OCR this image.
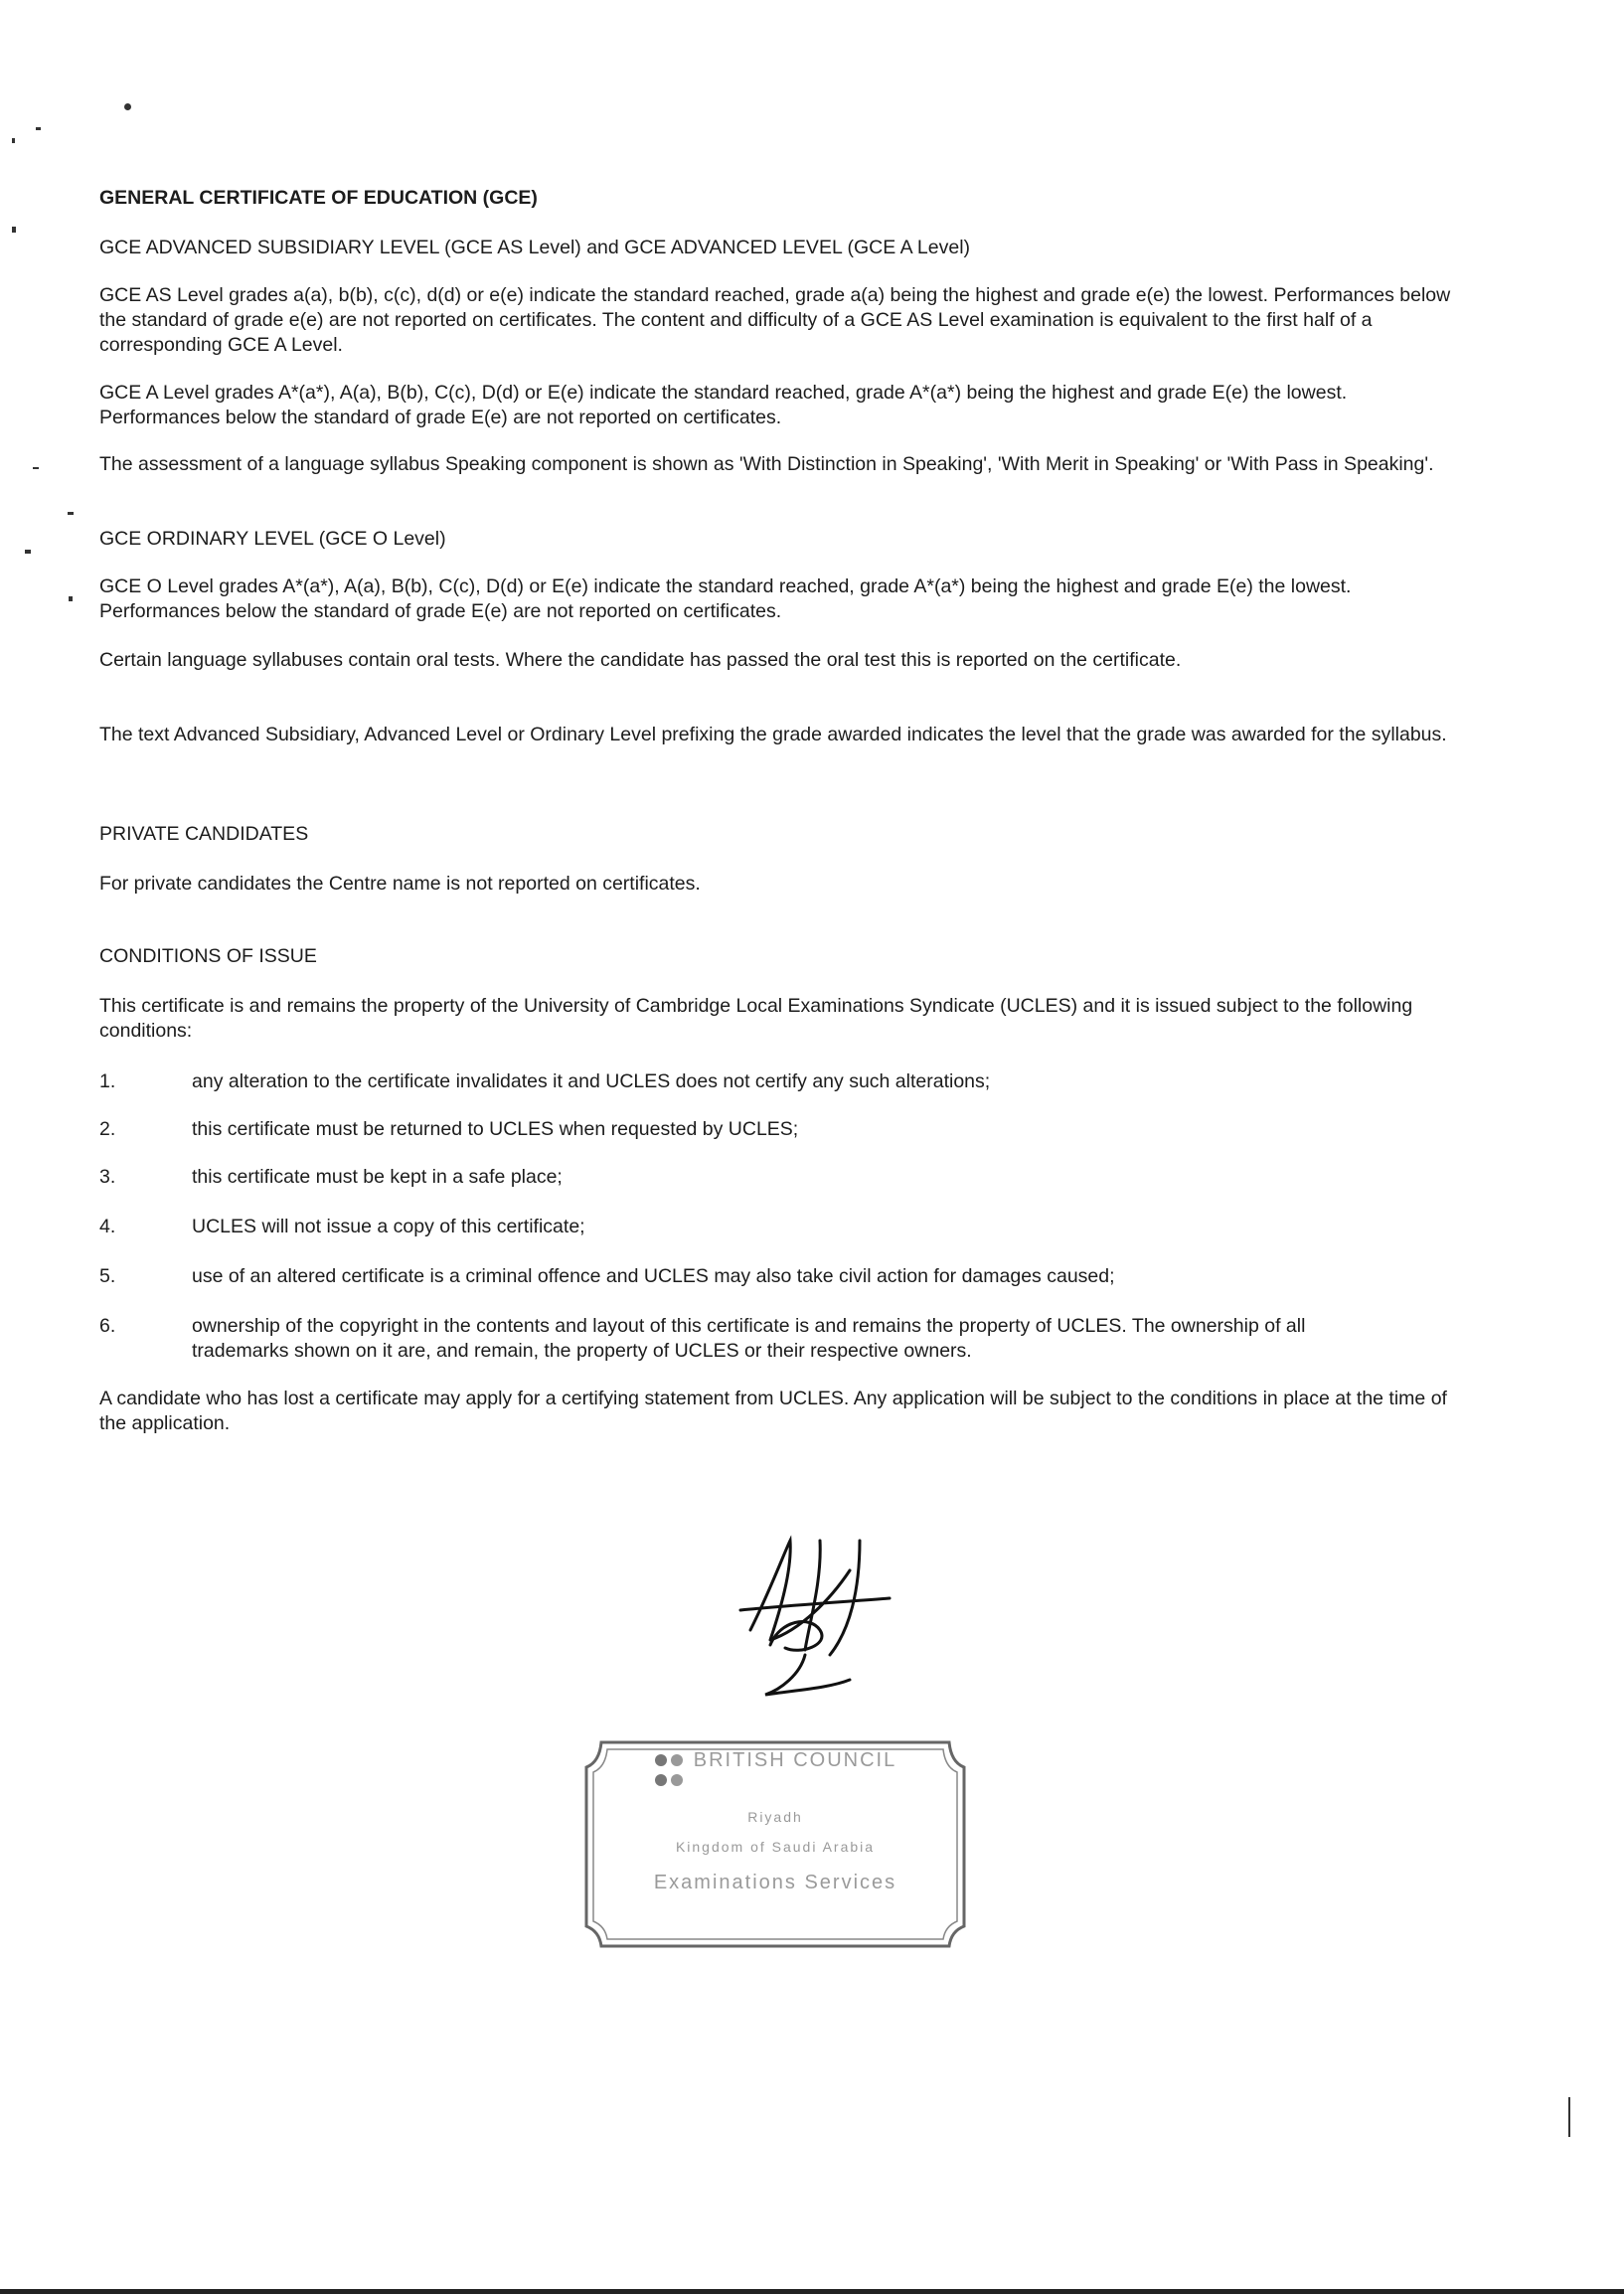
GENERAL CERTIFICATE OF EDUCATION (GCE)
GCE ADVANCED SUBSIDIARY LEVEL (GCE AS Level) and GCE ADVANCED LEVEL (GCE A Level)
GCE AS Level grades a(a), b(b), c(c), d(d) or e(e) indicate the standard reached, grade a(a) being the highest and grade e(e) the lowest. Performances below the standard of grade e(e) are not reported on certificates. The content and difficulty of a GCE AS Level examination is equivalent to the first half of a corresponding GCE A Level.
GCE A Level grades A*(a*), A(a), B(b), C(c), D(d) or E(e) indicate the standard reached, grade A*(a*) being the highest and grade E(e) the lowest. Performances below the standard of grade E(e) are not reported on certificates.
The assessment of a language syllabus Speaking component is shown as 'With Distinction in Speaking', 'With Merit in Speaking' or 'With Pass in Speaking'.
GCE ORDINARY LEVEL (GCE O Level)
GCE O Level grades A*(a*), A(a), B(b), C(c), D(d) or E(e) indicate the standard reached, grade A*(a*) being the highest and grade E(e) the lowest. Performances below the standard of grade E(e) are not reported on certificates.
Certain language syllabuses contain oral tests. Where the candidate has passed the oral test this is reported on the certificate.
The text Advanced Subsidiary, Advanced Level or Ordinary Level prefixing the grade awarded indicates the level that the grade was awarded for the syllabus.
PRIVATE CANDIDATES
For private candidates the Centre name is not reported on certificates.
CONDITIONS OF ISSUE
This certificate is and remains the property of the University of Cambridge Local Examinations Syndicate (UCLES) and it is issued subject to the following conditions:
1.	any alteration to the certificate invalidates it and UCLES does not certify any such alterations;
2.	this certificate must be returned to UCLES when requested by UCLES;
3.	this certificate must be kept in a safe place;
4.	UCLES will not issue a copy of this certificate;
5.	use of an altered certificate is a criminal offence and UCLES may also take civil action for damages caused;
6.	ownership of the copyright in the contents and layout of this certificate is and remains the property of UCLES. The ownership of all trademarks shown on it are, and remain, the property of UCLES or their respective owners.
A candidate who has lost a certificate may apply for a certifying statement from UCLES. Any application will be subject to the conditions in place at the time of the application.
BRITISH COUNCIL
Riyadh
Kingdom of Saudi Arabia
Examinations Services
